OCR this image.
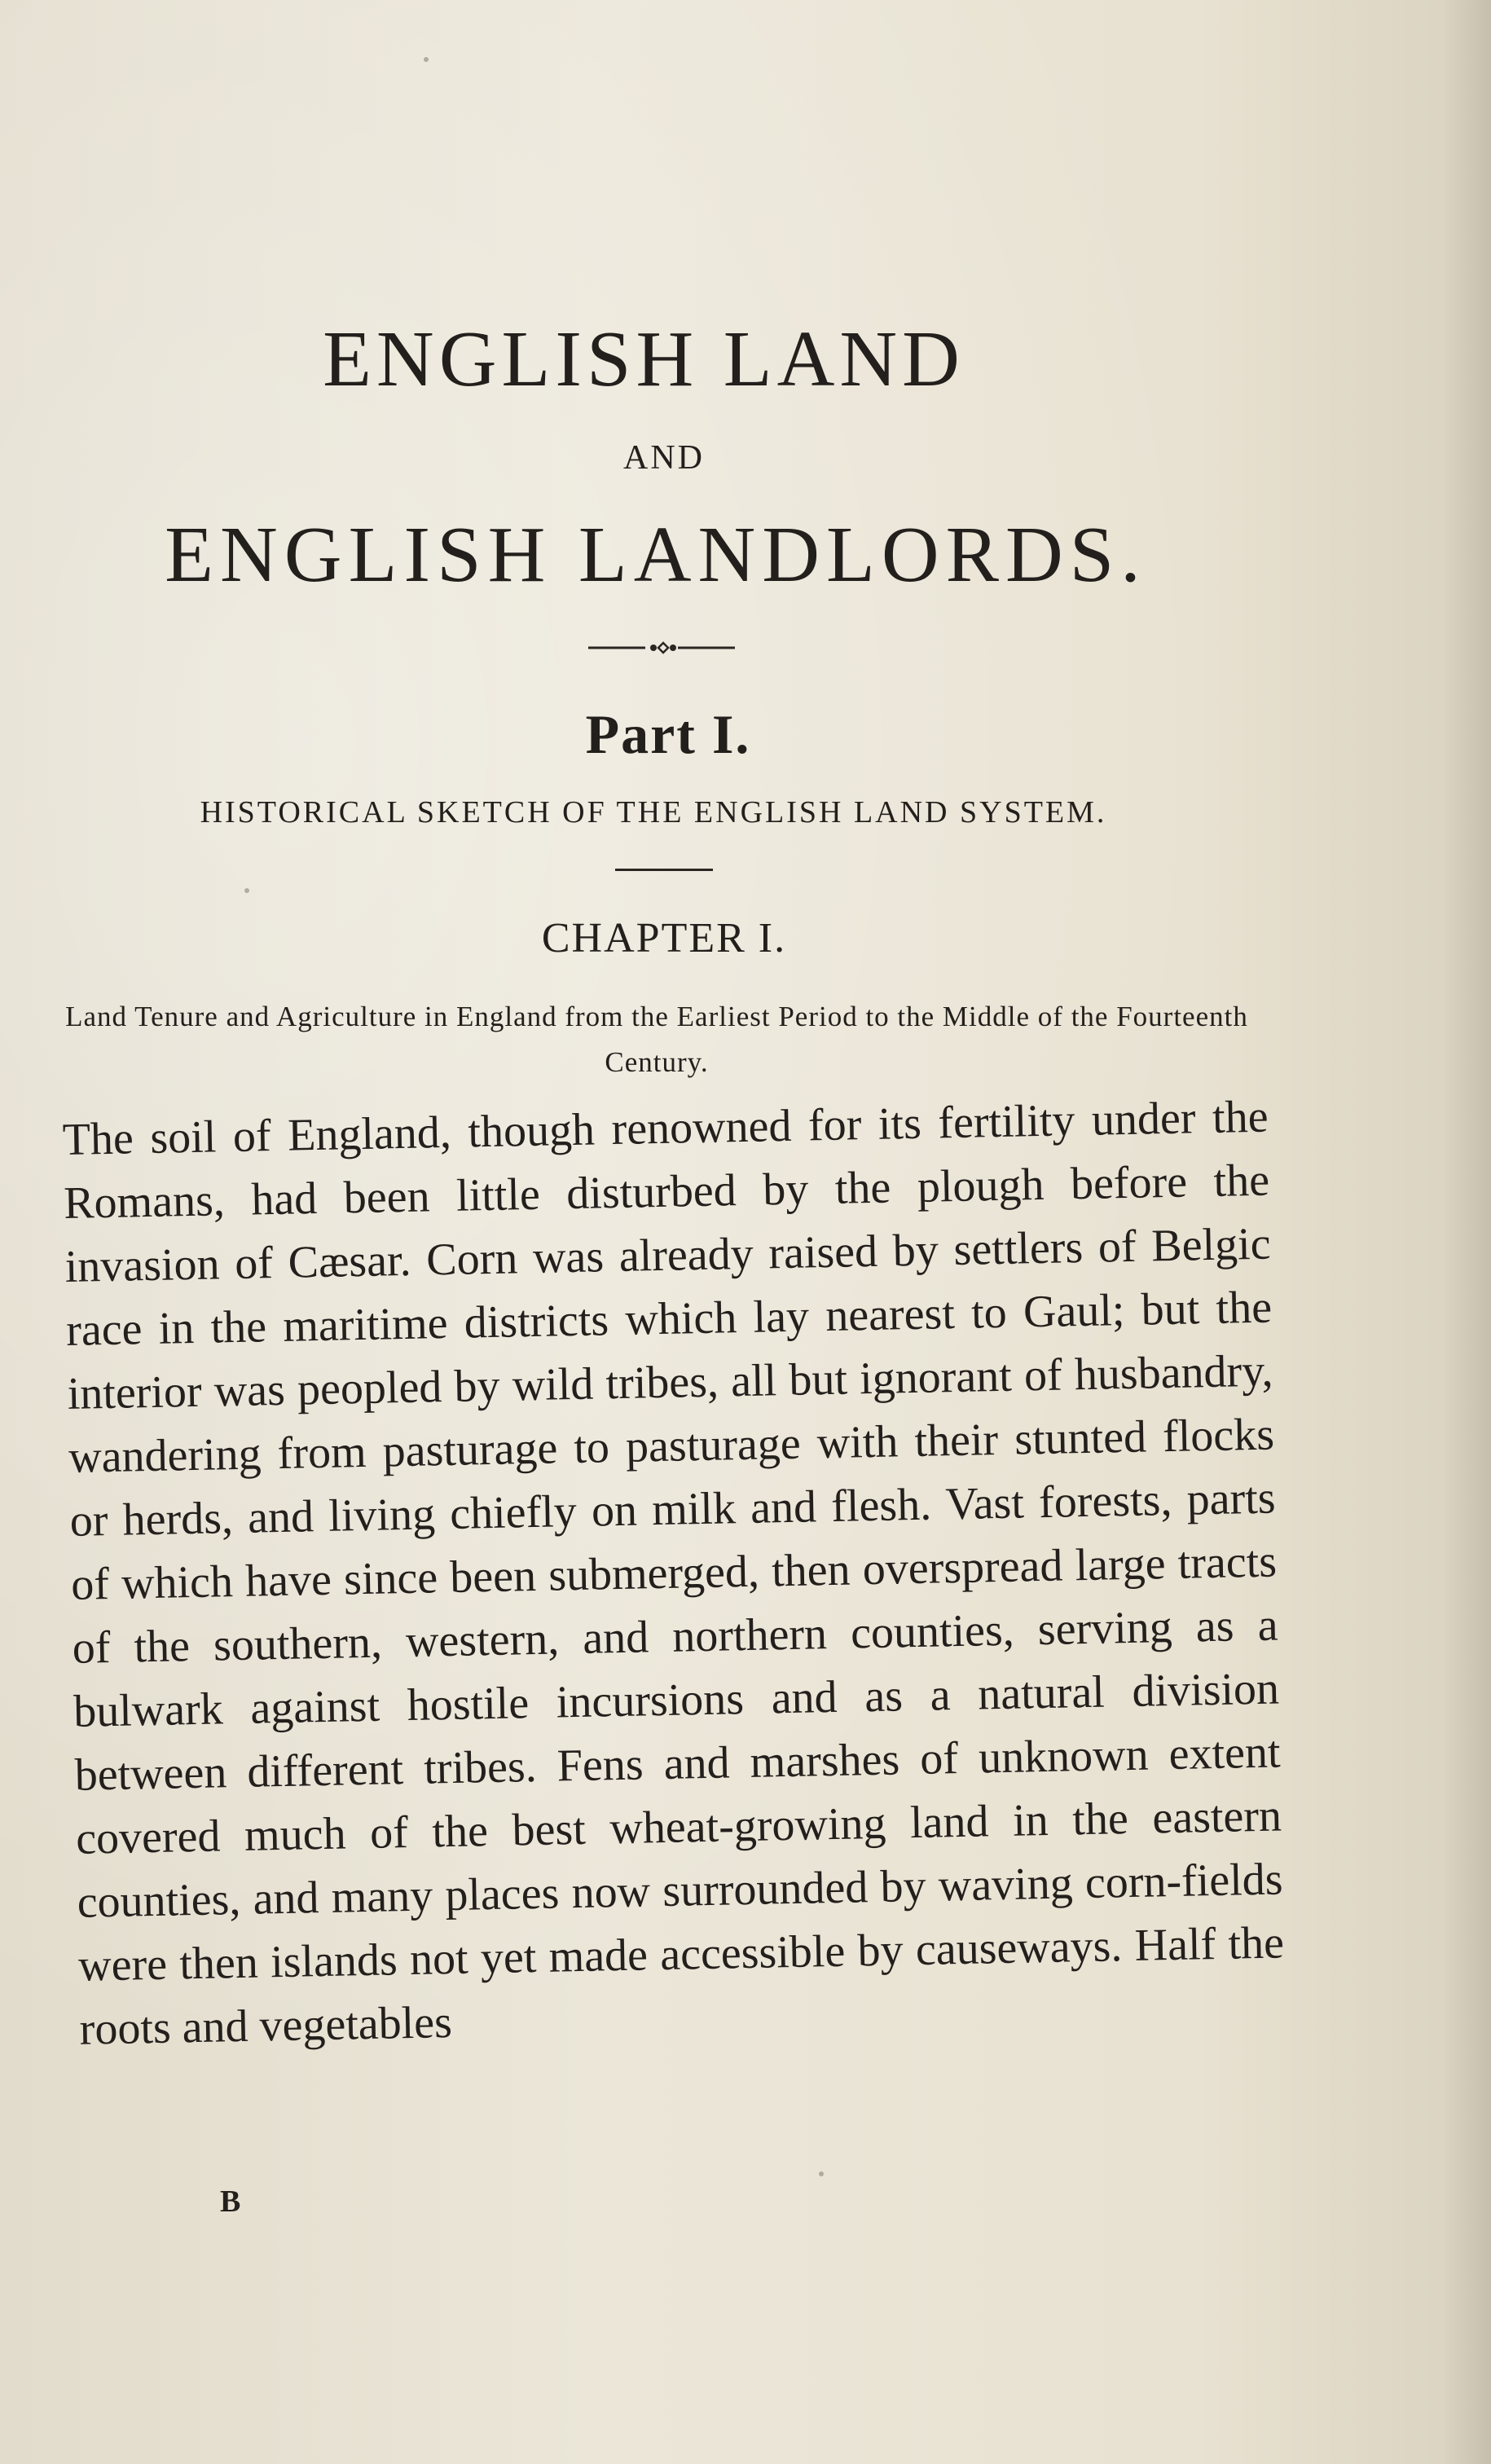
ENGLISH LAND
AND
ENGLISH LANDLORDS.
Part I.
HISTORICAL SKETCH OF THE ENGLISH LAND SYSTEM.
CHAPTER I.
Land Tenure and Agriculture in England from the Earliest Period to the Middle of the Fourteenth Century.

The soil of England, though renowned for its fertility under the Romans, had been little disturbed by the plough before the invasion of Cæsar. Corn was already raised by settlers of Belgic race in the maritime districts which lay nearest to Gaul; but the interior was peopled by wild tribes, all but ignorant of husbandry, wandering from pasturage to pasturage with their stunted flocks or herds, and living chiefly on milk and flesh. Vast forests, parts of which have since been submerged, then overspread large tracts of the southern, western, and northern counties, serving as a bulwark against hostile incursions and as a natural division between different tribes. Fens and marshes of unknown extent covered much of the best wheat-growing land in the eastern counties, and many places now surrounded by waving corn-fields were then islands not yet made accessible by causeways. Half the roots and vegetables

B
